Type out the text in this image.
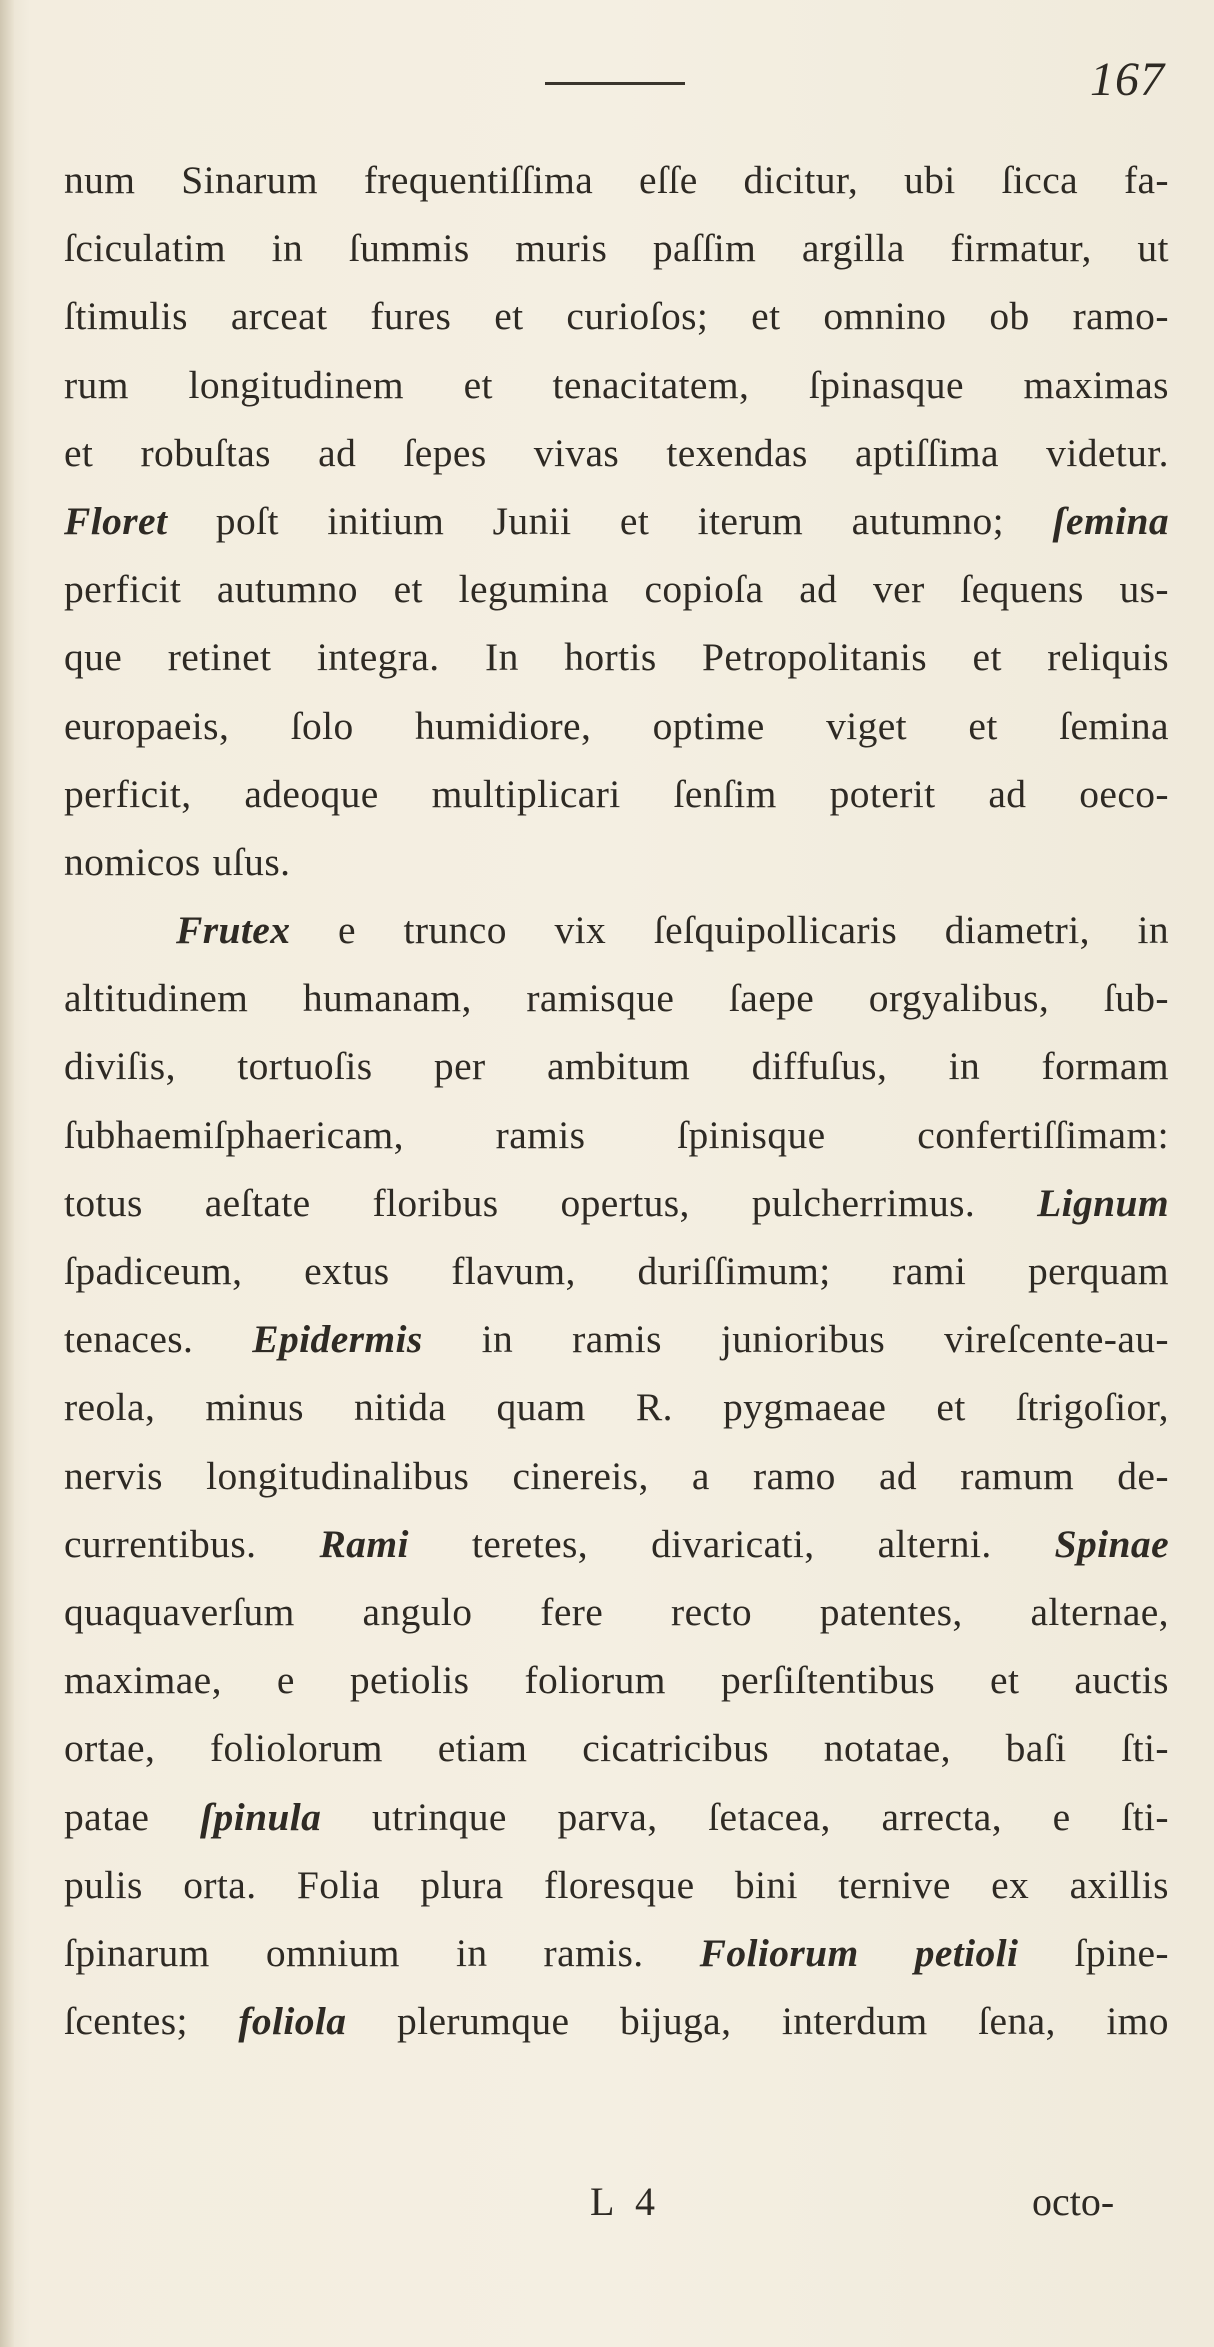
167
num Sinarum frequentiſſima eſſe dicitur, ubi ſicca fa-
ſciculatim in ſummis muris paſſim argilla firmatur, ut
ſtimulis arceat fures et curioſos; et omnino ob ramo-
rum longitudinem et tenacitatem, ſpinasque maximas
et robuſtas ad ſepes vivas texendas aptiſſima videtur.
Floret poſt initium Junii et iterum autumno; ſemina
perficit autumno et legumina copioſa ad ver ſequens us-
que retinet integra. In hortis Petropolitanis et reliquis
europaeis, ſolo humidiore, optime viget et ſemina
perficit, adeoque multiplicari ſenſim poterit ad oeco-
nomicos uſus.
Frutex e trunco vix ſeſquipollicaris diametri, in
altitudinem humanam, ramisque ſaepe orgyalibus, ſub-
diviſis, tortuoſis per ambitum diffuſus, in formam
ſubhaemiſphaericam, ramis ſpinisque confertiſſimam:
totus aeſtate floribus opertus, pulcherrimus. Lignum
ſpadiceum, extus flavum, duriſſimum; rami perquam
tenaces. Epidermis in ramis junioribus vireſcente-au-
reola, minus nitida quam R. pygmaeae et ſtrigoſior,
nervis longitudinalibus cinereis, a ramo ad ramum de-
currentibus. Rami teretes, divaricati, alterni. Spinae
quaquaverſum angulo fere recto patentes, alternae,
maximae, e petiolis foliorum perſiſtentibus et auctis
ortae, foliolorum etiam cicatricibus notatae, baſi ſti-
patae ſpinula utrinque parva, ſetacea, arrecta, e ſti-
pulis orta. Folia plura floresque bini ternive ex axillis
ſpinarum omnium in ramis. Foliorum petioli ſpine-
ſcentes; foliola plerumque bijuga, interdum ſena, imo
L 4	octo-
